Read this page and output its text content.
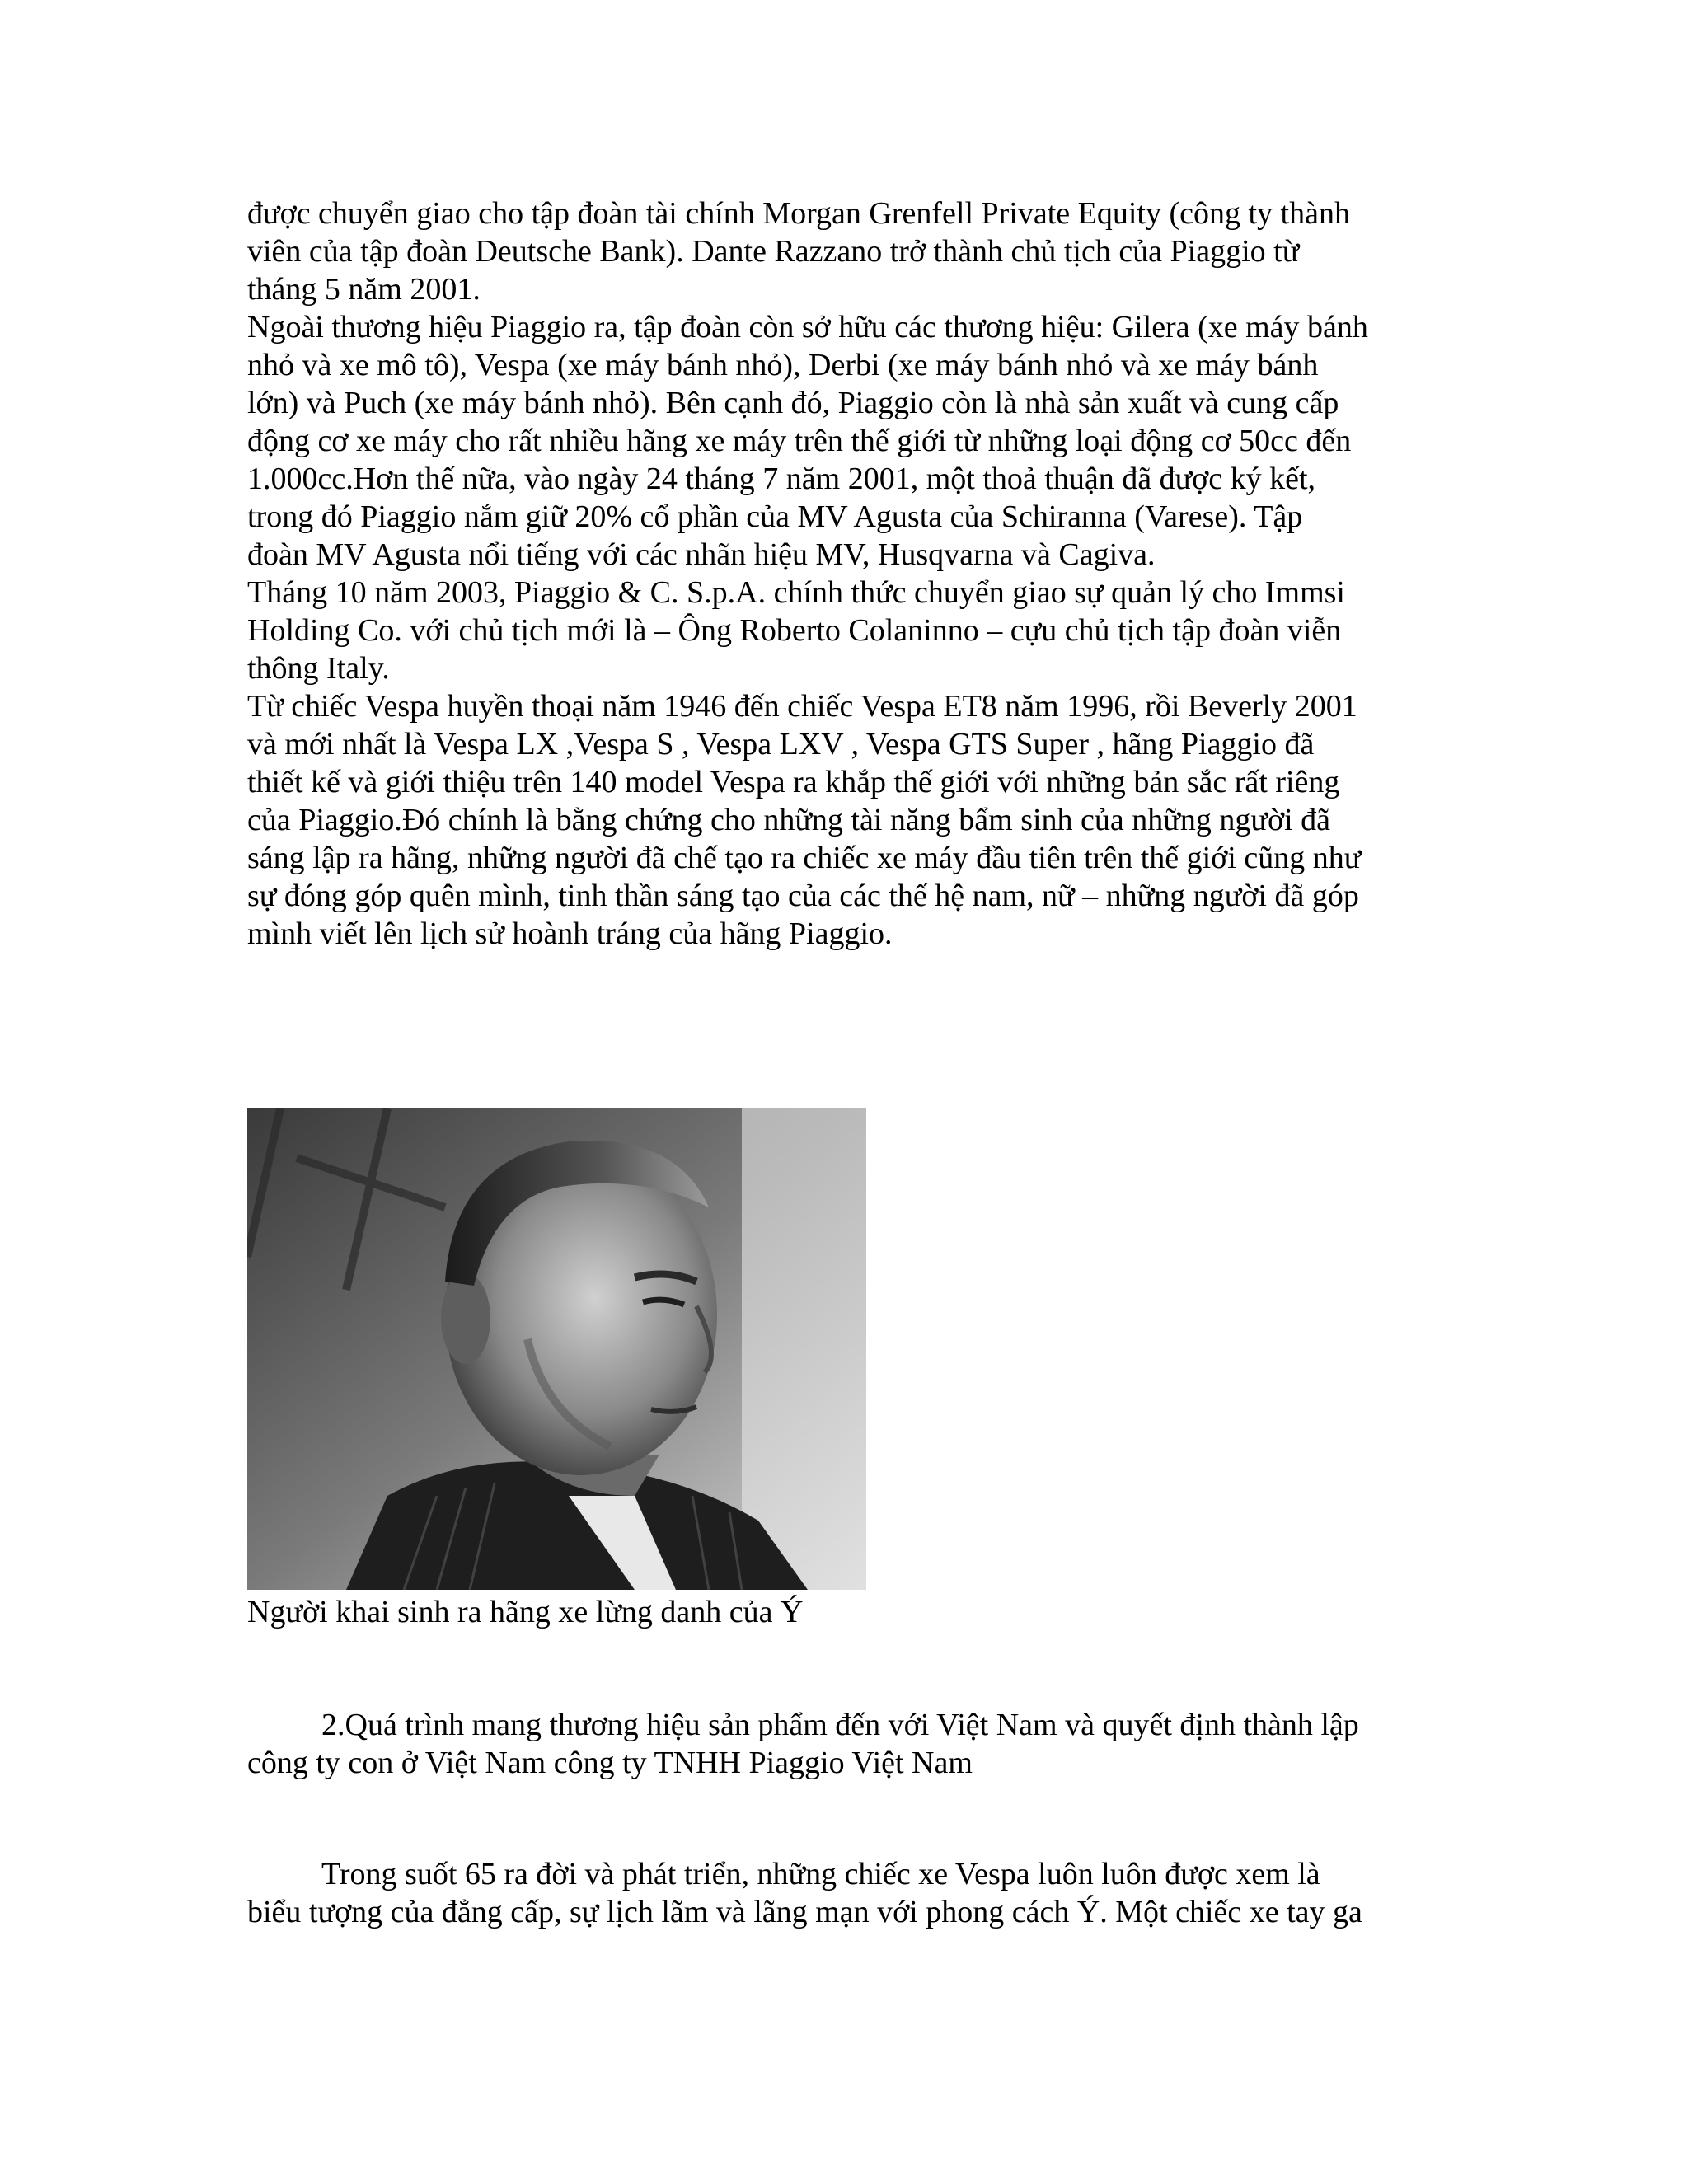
được chuyển giao cho tập đoàn tài chính Morgan Grenfell Private Equity (công ty thành
viên của tập đoàn Deutsche Bank). Dante Razzano trở thành chủ tịch của Piaggio từ
tháng 5 năm 2001.

Ngoài thương hiệu Piaggio ra, tập đoàn còn sở hữu các thương hiệu: Gilera (xe máy bánh
nhỏ và xe mô tô), Vespa (xe máy bánh nhỏ), Derbi (xe máy bánh nhỏ và xe máy bánh
lớn) và Puch (xe máy bánh nhỏ). Bên cạnh đó, Piaggio còn là nhà sản xuất và cung cấp
động cơ xe máy cho rất nhiều hãng xe máy trên thế giới từ những loại động cơ 50cc đến
1.000cc.Hơn thế nữa, vào ngày 24 tháng 7 năm 2001, một thoả thuận đã được ký kết,
trong đó Piaggio nắm giữ 20% cổ phần của MV Agusta của Schiranna (Varese). Tập
đoàn MV Agusta nổi tiếng với các nhãn hiệu MV, Husqvarna và Cagiva.

Tháng 10 năm 2003, Piaggio & C. S.p.A. chính thức chuyển giao sự quản lý cho Immsi
Holding Co. với chủ tịch mới là – Ông Roberto Colaninno – cựu chủ tịch tập đoàn viễn
thông Italy.

Từ chiếc Vespa huyền thoại năm 1946 đến chiếc Vespa ET8 năm 1996, rồi Beverly 2001
và mới nhất là Vespa LX ,Vespa S , Vespa LXV , Vespa GTS Super , hãng Piaggio đã
thiết kế và giới thiệu trên 140 model Vespa ra khắp thế giới với những bản sắc rất riêng
của Piaggio.Đó chính là bằng chứng cho những tài năng bẩm sinh của những người đã
sáng lập ra hãng, những người đã chế tạo ra chiếc xe máy đầu tiên trên thế giới cũng như
sự đóng góp quên mình, tinh thần sáng tạo của các thế hệ nam, nữ – những người đã góp
mình viết lên lịch sử hoành tráng của hãng Piaggio.

Người khai sinh ra hãng xe lừng danh của Ý
2.Quá trình mang thương hiệu sản phẩm đến với Việt Nam và quyết định thành lập
công ty con ở Việt Nam công ty TNHH Piaggio Việt Nam
Trong suốt 65 ra đời và phát triển, những chiếc xe Vespa luôn luôn được xem là
biểu tượng của đẳng cấp, sự lịch lãm và lãng mạn với phong cách Ý. Một chiếc xe tay ga
